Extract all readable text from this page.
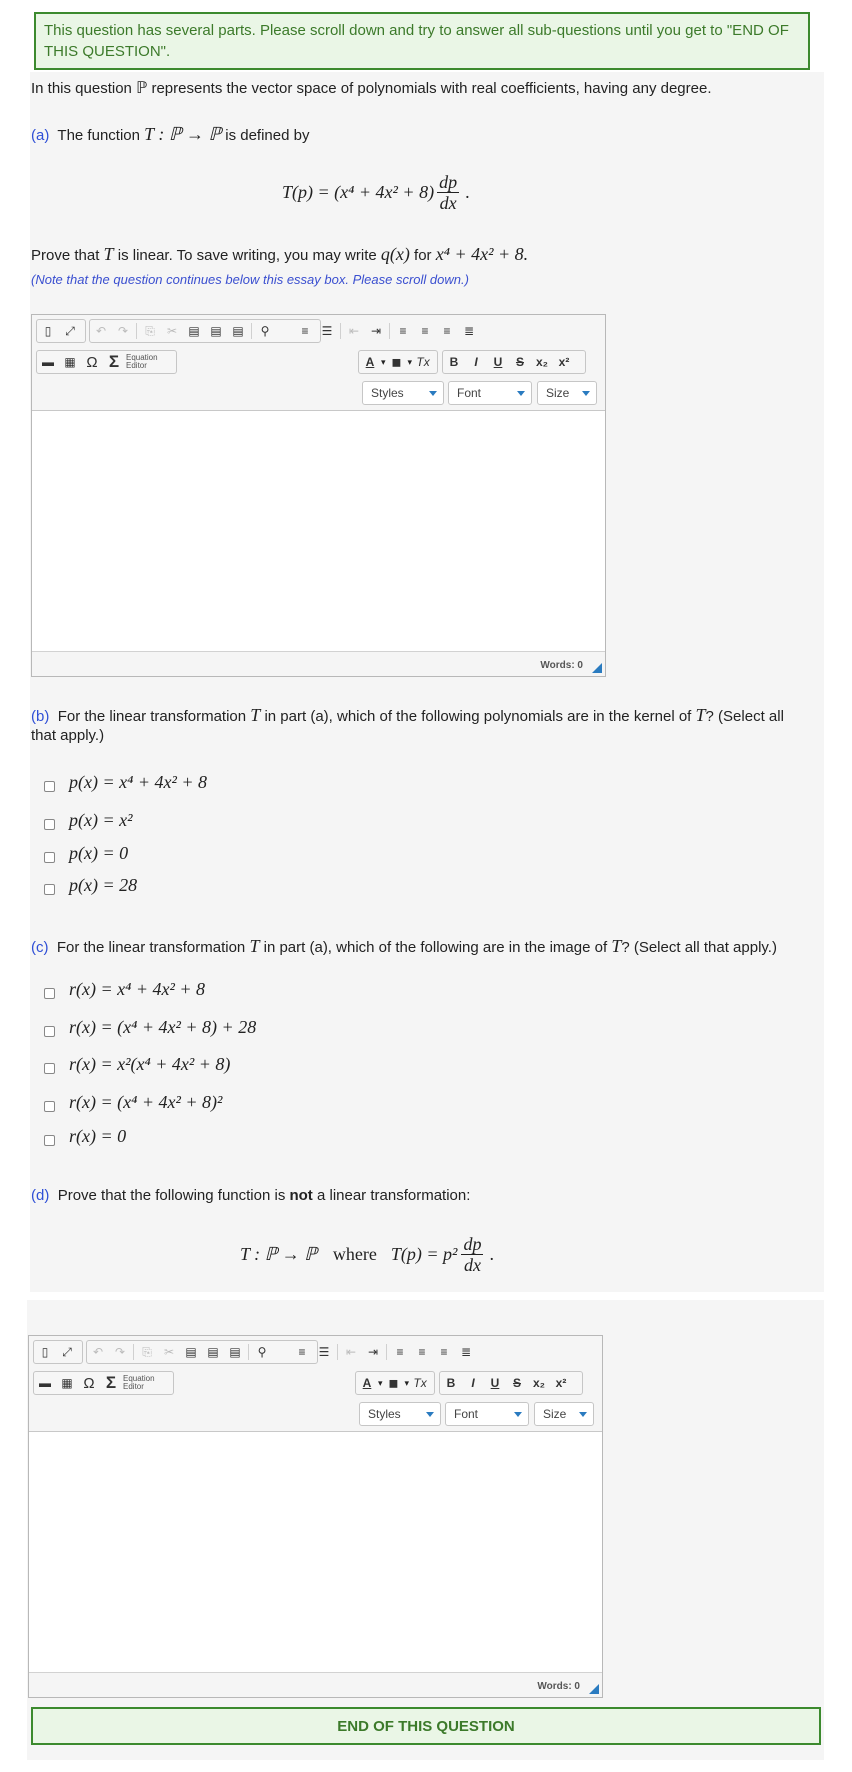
This question has several parts. Please scroll down and try to answer all sub-questions until you get to "END OF THIS QUESTION".
In this question ℙ represents the vector space of polynomials with real coefficients, having any degree.
(a) The function T : ℙ → ℙ is defined by
$T(p) = (x^4 + 4x^2 + 8) \frac{dp}{dx}$ .
Prove that T is linear. To save writing, you may write q(x) for x⁴ + 4x² + 8.
(Note that the question continues below this essay box. Please scroll down.)
▯	⤢	↶ ↷	⎘	✂ ▤ ▤ ▤	⚲	≡	☰	⇤ ⇥	≡	≡	≡	≣
▬ ▦ Ω Σ Equation
Editor	A ▾ ◼ ▾ Tx	B	I	U	S x₂ x²
Styles	Font	Size
Words: 0
(b) For the linear transformation T in part (a), which of the following polynomials are in the kernel of T? (Select all
that apply.)
p(x) = x⁴ + 4x² + 8
p(x) = x²
p(x) = 0
p(x) = 28
(c) For the linear transformation T in part (a), which of the following are in the image of T? (Select all that apply.)
r(x) = x⁴ + 4x² + 8
r(x) = (x⁴ + 4x² + 8) + 28
r(x) = x²(x⁴ + 4x² + 8)
r(x) = (x⁴ + 4x² + 8)²
r(x) = 0
(d) Prove that the following function is not a linear transformation:
T : ℙ → ℙ where $T(p) = p^2 \frac{dp}{dx}$ .
▯	⤢	↶ ↷	⎘	✂ ▤ ▤ ▤	⚲	≡	☰	⇤ ⇥	≡	≡	≡	≣
▬ ▦ Ω Σ Equation
Editor	A ▾ ◼ ▾ Tx	B	I	U	S x₂ x²
Styles	Font	Size
Words: 0
END OF THIS QUESTION
